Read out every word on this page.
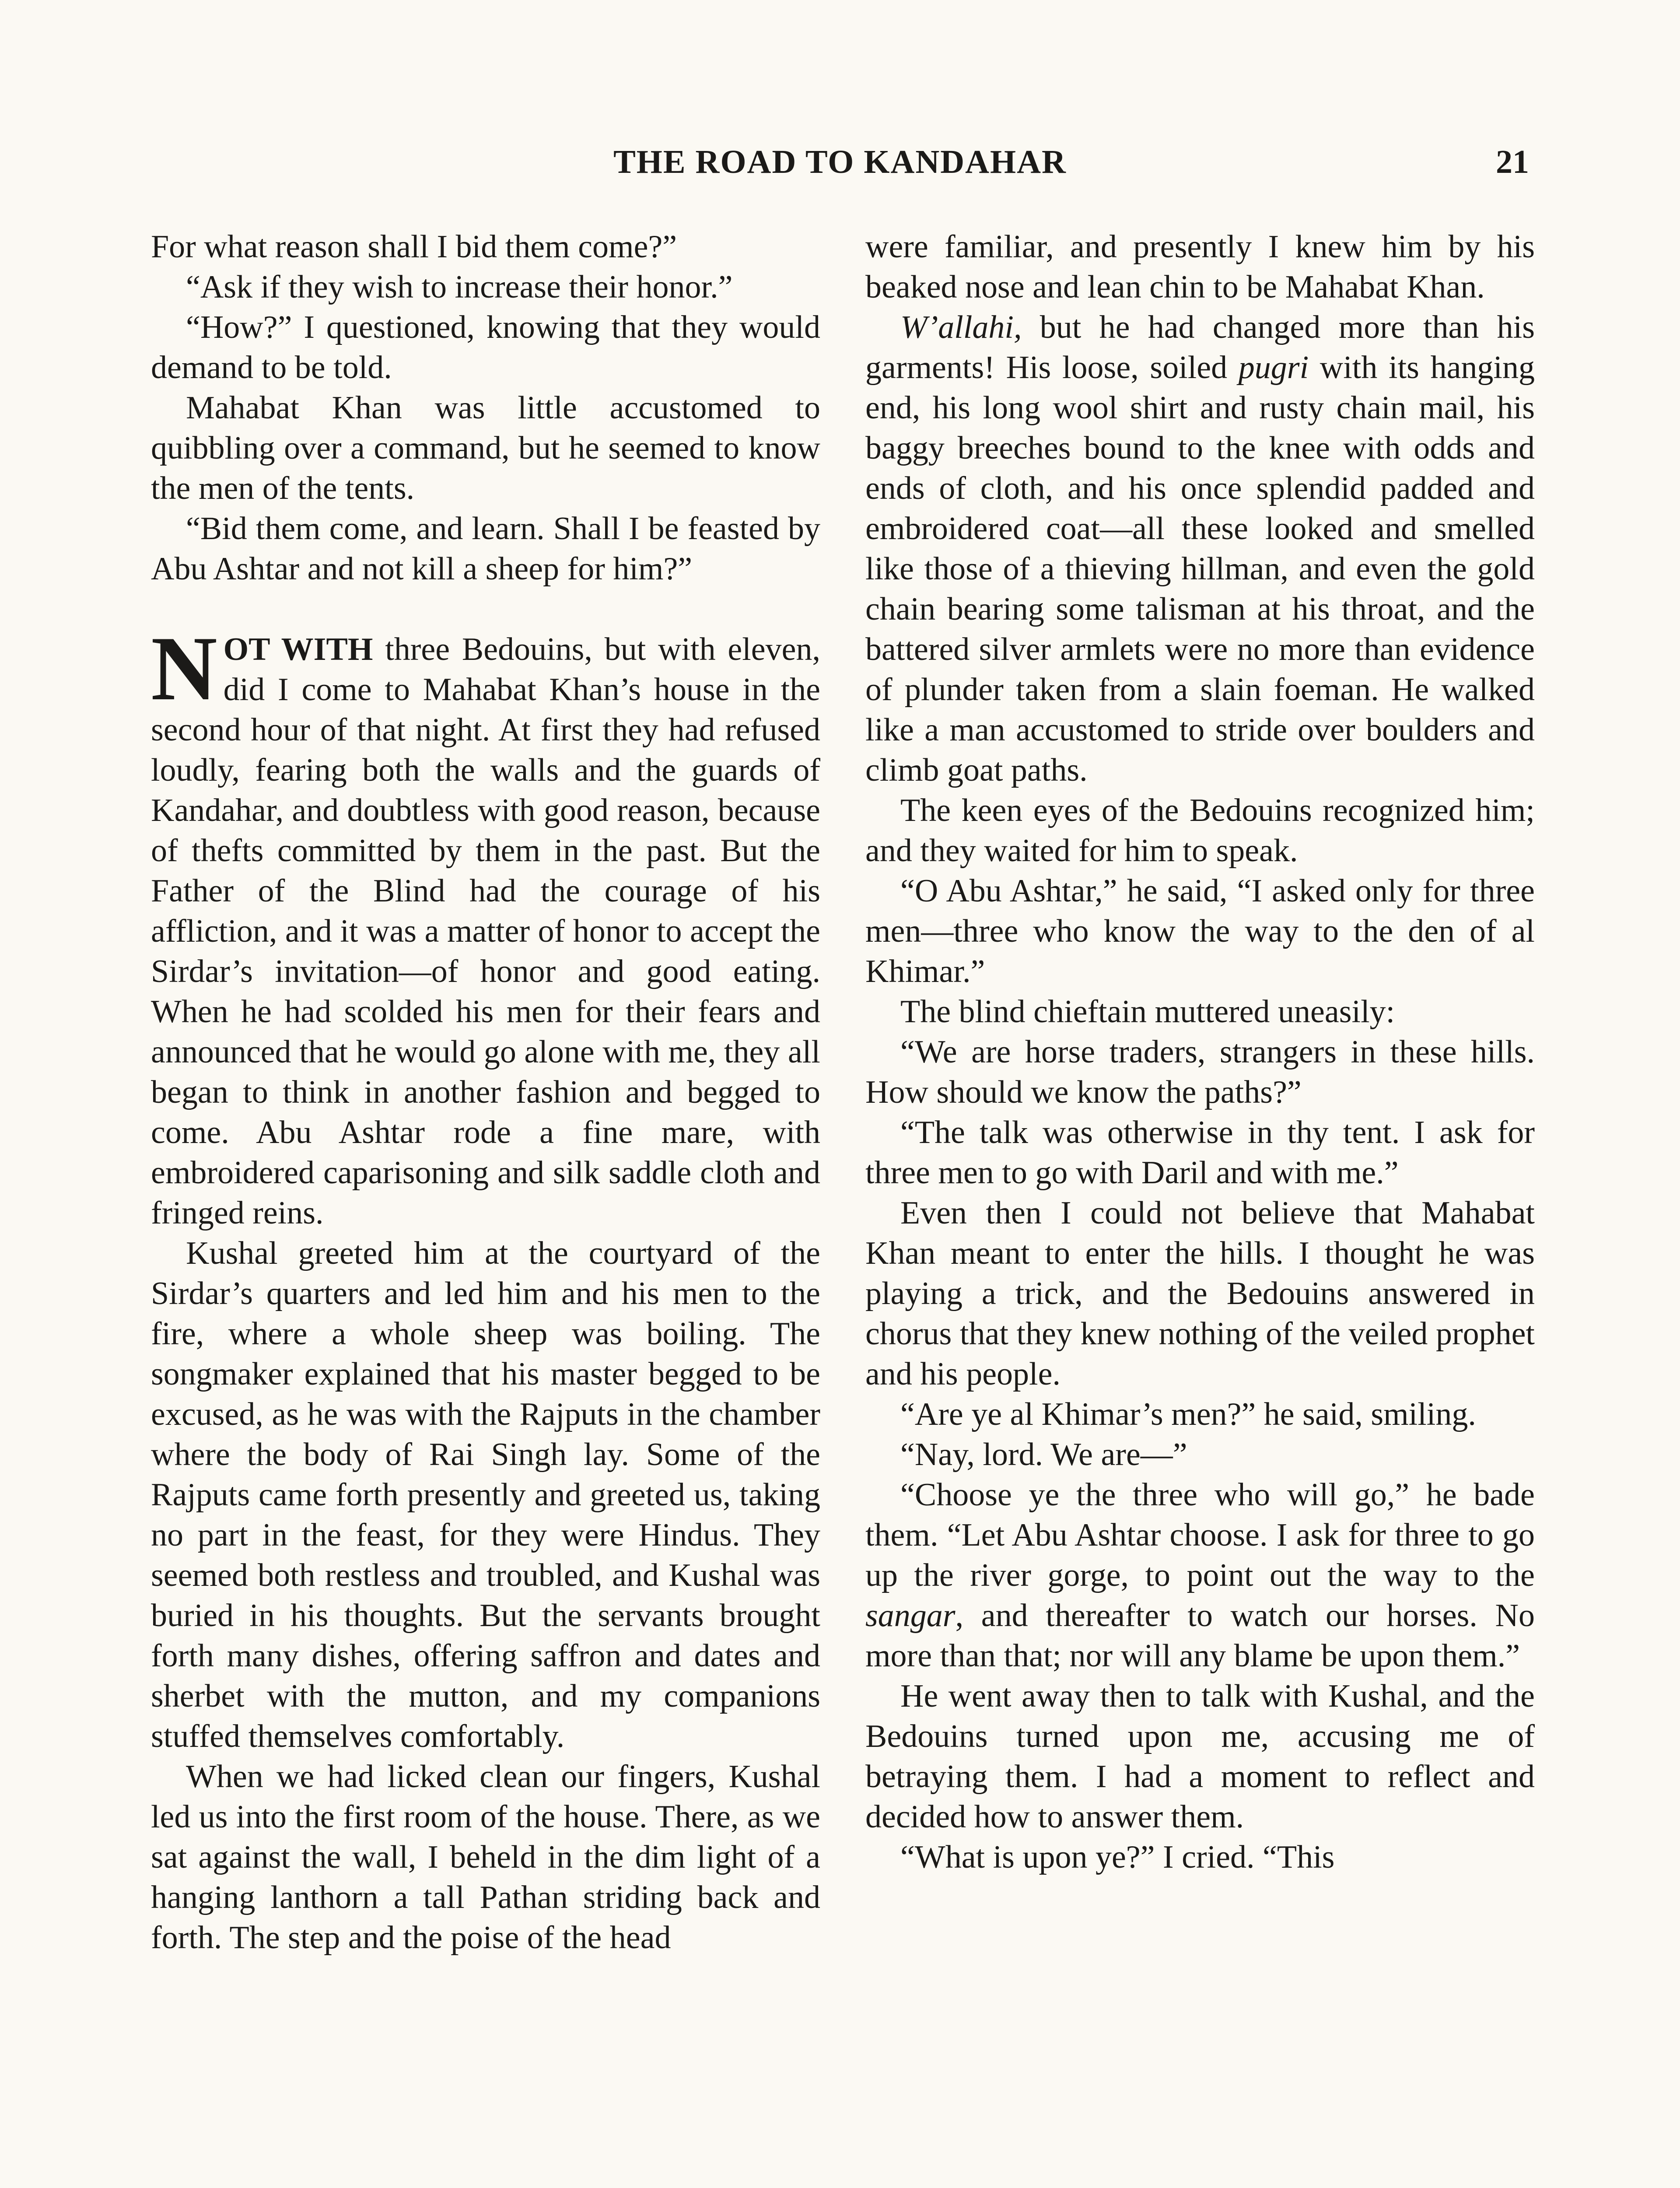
THE ROAD TO KANDAHAR	21

For what reason shall I bid them come?”

“Ask if they wish to increase their honor.”

“How?” I questioned, knowing that they would demand to be told.

Mahabat Khan was little accustomed to quibbling over a command, but he seemed to know the men of the tents.

“Bid them come, and learn. Shall I be feasted by Abu Ashtar and not kill a sheep for him?”

NOT WITH three Bedouins, but with eleven, did I come to Mahabat Khan’s house in the second hour of that night. At first they had refused loudly, fearing both the walls and the guards of Kandahar, and doubtless with good reason, because of thefts committed by them in the past. But the Father of the Blind had the courage of his affliction, and it was a matter of honor to accept the Sirdar’s invitation—of honor and good eating. When he had scolded his men for their fears and announced that he would go alone with me, they all began to think in another fashion and begged to come. Abu Ashtar rode a fine mare, with embroidered caparisoning and silk saddle cloth and fringed reins.

Kushal greeted him at the courtyard of the Sirdar’s quarters and led him and his men to the fire, where a whole sheep was boiling. The songmaker explained that his master begged to be excused, as he was with the Rajputs in the chamber where the body of Rai Singh lay. Some of the Rajputs came forth presently and greeted us, taking no part in the feast, for they were Hindus. They seemed both restless and troubled, and Kushal was buried in his thoughts. But the servants brought forth many dishes, offering saffron and dates and sherbet with the mutton, and my companions stuffed themselves comfortably.

When we had licked clean our fingers, Kushal led us into the first room of the house. There, as we sat against the wall, I beheld in the dim light of a hanging lanthorn a tall Pathan striding back and forth. The step and the poise of the head

were familiar, and presently I knew him by his beaked nose and lean chin to be Mahabat Khan.

W’allahi, but he had changed more than his garments! His loose, soiled pugri with its hanging end, his long wool shirt and rusty chain mail, his baggy breeches bound to the knee with odds and ends of cloth, and his once splendid padded and embroidered coat—all these looked and smelled like those of a thieving hillman, and even the gold chain bearing some talisman at his throat, and the battered silver armlets were no more than evidence of plunder taken from a slain foeman. He walked like a man accustomed to stride over boulders and climb goat paths.

The keen eyes of the Bedouins recognized him; and they waited for him to speak.

“O Abu Ashtar,” he said, “I asked only for three men—three who know the way to the den of al Khimar.”

The blind chieftain muttered uneasily:

“We are horse traders, strangers in these hills. How should we know the paths?”

“The talk was otherwise in thy tent. I ask for three men to go with Daril and with me.”

Even then I could not believe that Mahabat Khan meant to enter the hills. I thought he was playing a trick, and the Bedouins answered in chorus that they knew nothing of the veiled prophet and his people.

“Are ye al Khimar’s men?” he said, smiling.

“Nay, lord. We are—”

“Choose ye the three who will go,” he bade them. “Let Abu Ashtar choose. I ask for three to go up the river gorge, to point out the way to the sangar, and thereafter to watch our horses. No more than that; nor will any blame be upon them.”

He went away then to talk with Kushal, and the Bedouins turned upon me, accusing me of betraying them. I had a moment to reflect and decided how to answer them.

“What is upon ye?” I cried. “This
